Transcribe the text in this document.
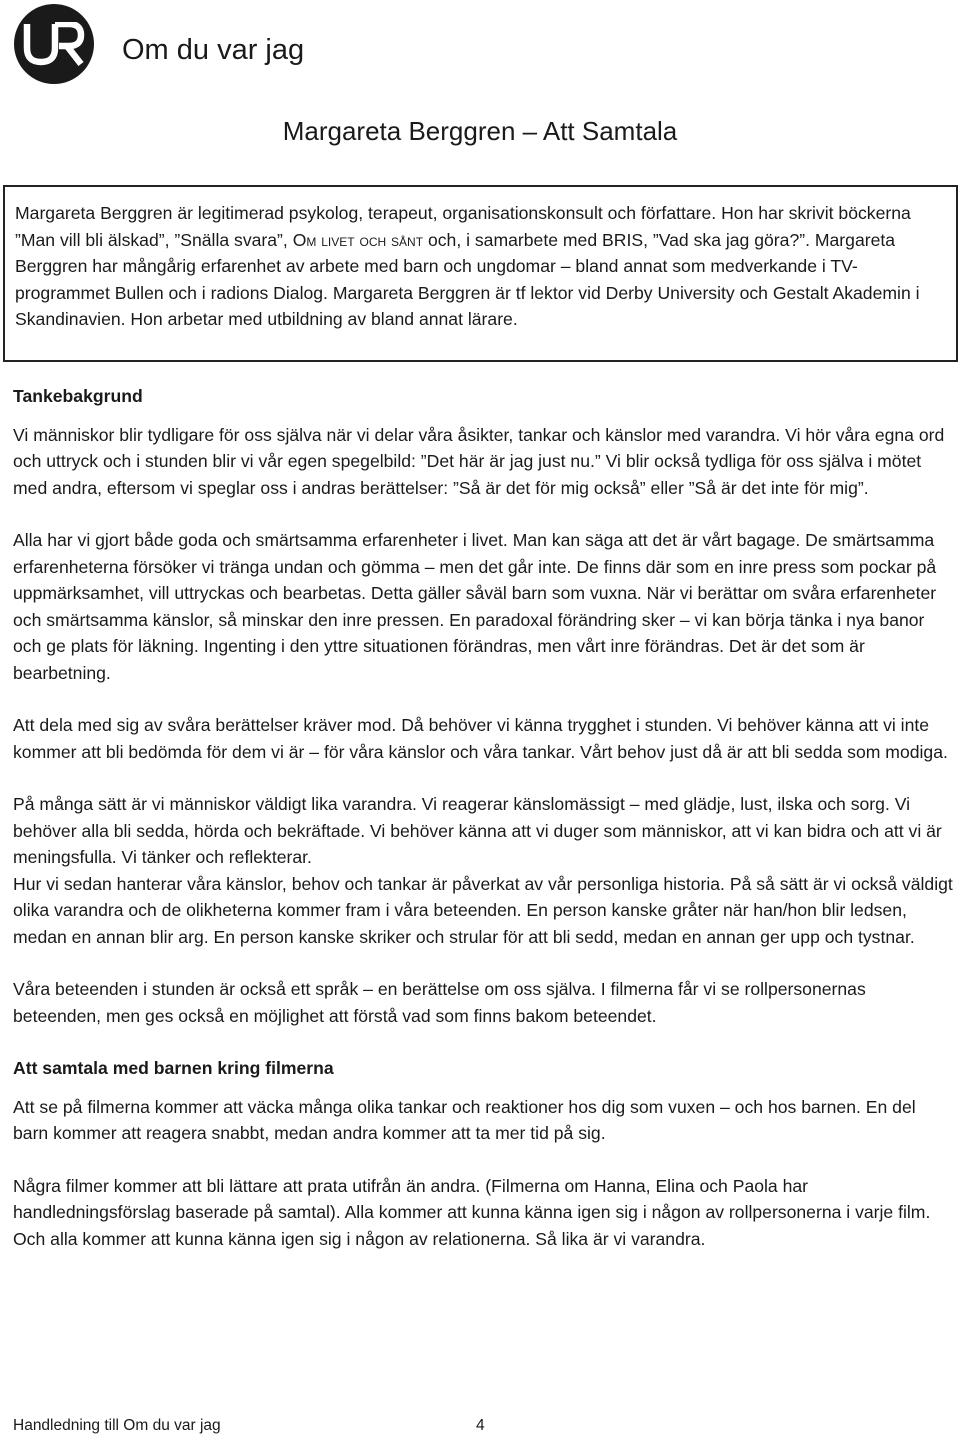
Om du var jag
Margareta Berggren – Att Samtala
Margareta Berggren är legitimerad psykolog, terapeut, organisationskonsult och författare. Hon har skrivit böckerna ”Man vill bli älskad”, ”Snälla svara”, Om livet och sånt och, i samarbete med BRIS, ”Vad ska jag göra?”. Margareta Berggren har mångårig erfarenhet av arbete med barn och ungdomar – bland annat som medverkande i TV-programmet Bullen och i radions Dialog. Margareta Berggren är tf lektor vid Derby University och Gestalt Akademin i Skandinavien. Hon arbetar med utbildning av bland annat lärare.
Tankebakgrund

Vi människor blir tydligare för oss själva när vi delar våra åsikter, tankar och känslor med varandra. Vi hör våra egna ord och uttryck och i stunden blir vi vår egen spegelbild: ”Det här är jag just nu.” Vi blir också tydliga för oss själva i mötet med andra, eftersom vi speglar oss i andras berättelser: ”Så är det för mig också” eller ”Så är det inte för mig”.

Alla har vi gjort både goda och smärtsamma erfarenheter i livet. Man kan säga att det är vårt bagage. De smärtsamma erfarenheterna försöker vi tränga undan och gömma – men det går inte. De finns där som en inre press som pockar på uppmärksamhet, vill uttryckas och bearbetas. Detta gäller såväl barn som vuxna. När vi berättar om svåra erfarenheter och smärtsamma känslor, så minskar den inre pressen. En paradoxal förändring sker – vi kan börja tänka i nya banor och ge plats för läkning. Ingenting i den yttre situationen förändras, men vårt inre förändras. Det är det som är bearbetning.

Att dela med sig av svåra berättelser kräver mod. Då behöver vi känna trygghet i stunden. Vi behöver känna att vi inte kommer att bli bedömda för dem vi är – för våra känslor och våra tankar. Vårt behov just då är att bli sedda som modiga.

På många sätt är vi människor väldigt lika varandra. Vi reagerar känslomässigt – med glädje, lust, ilska och sorg. Vi behöver alla bli sedda, hörda och bekräftade. Vi behöver känna att vi duger som människor, att vi kan bidra och att vi är meningsfulla. Vi tänker och reflekterar.

Hur vi sedan hanterar våra känslor, behov och tankar är påverkat av vår personliga historia. På så sätt är vi också väldigt olika varandra och de olikheterna kommer fram i våra beteenden. En person kanske gråter när han/hon blir ledsen, medan en annan blir arg. En person kanske skriker och strular för att bli sedd, medan en annan ger upp och tystnar.

Våra beteenden i stunden är också ett språk – en berättelse om oss själva. I filmerna får vi se rollpersonernas beteenden, men ges också en möjlighet att förstå vad som finns bakom beteendet.

Att samtala med barnen kring filmerna

Att se på filmerna kommer att väcka många olika tankar och reaktioner hos dig som vuxen – och hos barnen. En del barn kommer att reagera snabbt, medan andra kommer att ta mer tid på sig.

Några filmer kommer att bli lättare att prata utifrån än andra. (Filmerna om Hanna, Elina och Paola har handledningsförslag baserade på samtal). Alla kommer att kunna känna igen sig i någon av rollpersonerna i varje film. Och alla kommer att kunna känna igen sig i någon av relationerna. Så lika är vi varandra.

Handledning till Om du var jag	4
